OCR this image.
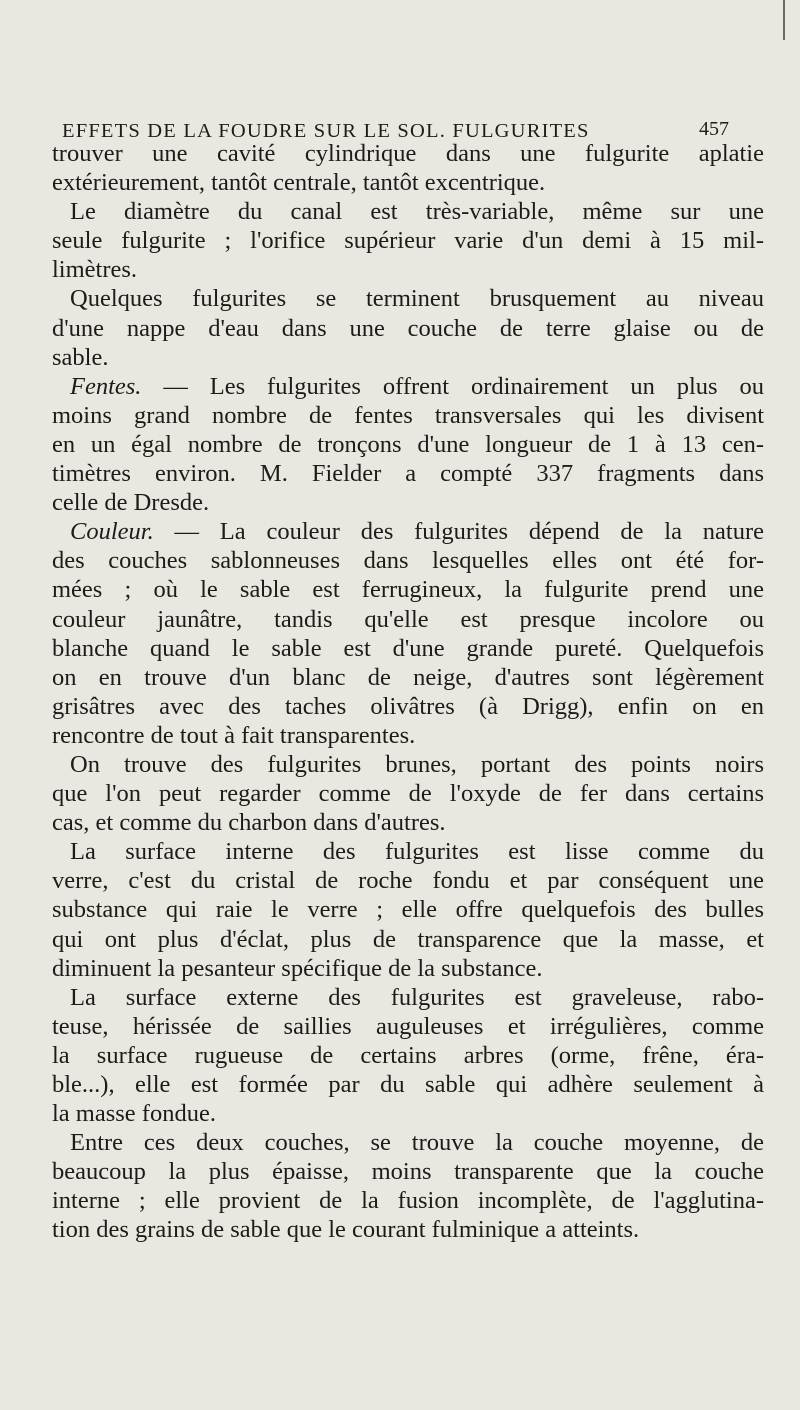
EFFETS DE LA FOUDRE SUR LE SOL. FULGURITES	457
trouver une cavité cylindrique dans une fulgurite aplatie
extérieurement, tantôt centrale, tantôt excentrique.
Le diamètre du canal est très-variable, même sur une
seule fulgurite ; l'orifice supérieur varie d'un demi à 15 mil-
limètres.
Quelques fulgurites se terminent brusquement au niveau
d'une nappe d'eau dans une couche de terre glaise ou de
sable.
Fentes. — Les fulgurites offrent ordinairement un plus ou
moins grand nombre de fentes transversales qui les divisent
en un égal nombre de tronçons d'une longueur de 1 à 13 cen-
timètres environ. M. Fielder a compté 337 fragments dans
celle de Dresde.
Couleur. — La couleur des fulgurites dépend de la nature
des couches sablonneuses dans lesquelles elles ont été for-
mées ; où le sable est ferrugineux, la fulgurite prend une
couleur jaunâtre, tandis qu'elle est presque incolore ou
blanche quand le sable est d'une grande pureté. Quelquefois
on en trouve d'un blanc de neige, d'autres sont légèrement
grisâtres avec des taches olivâtres (à Drigg), enfin on en
rencontre de tout à fait transparentes.
On trouve des fulgurites brunes, portant des points noirs
que l'on peut regarder comme de l'oxyde de fer dans certains
cas, et comme du charbon dans d'autres.
La surface interne des fulgurites est lisse comme du
verre, c'est du cristal de roche fondu et par conséquent une
substance qui raie le verre ; elle offre quelquefois des bulles
qui ont plus d'éclat, plus de transparence que la masse, et
diminuent la pesanteur spécifique de la substance.
La surface externe des fulgurites est graveleuse, rabo-
teuse, hérissée de saillies auguleuses et irrégulières, comme
la surface rugueuse de certains arbres (orme, frêne, éra-
ble...), elle est formée par du sable qui adhère seulement à
la masse fondue.
Entre ces deux couches, se trouve la couche moyenne, de
beaucoup la plus épaisse, moins transparente que la couche
interne ; elle provient de la fusion incomplète, de l'agglutina-
tion des grains de sable que le courant fulminique a atteints.
